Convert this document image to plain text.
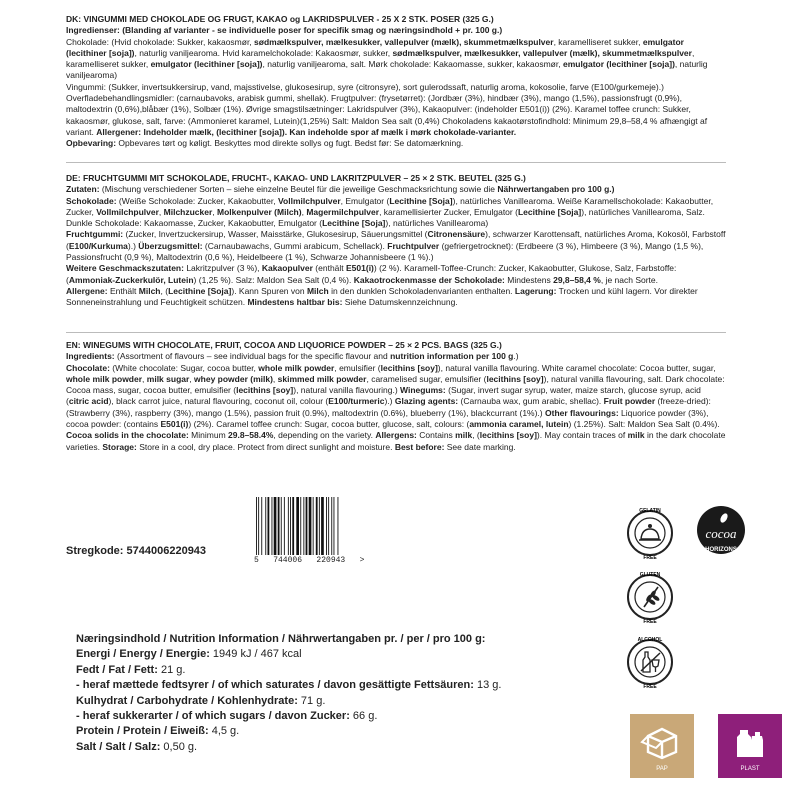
DK: VINGUMMI MED CHOKOLADE OG FRUGT, KAKAO og LAKRIDSPULVER - 25 X 2 STK. POSER (325 G.)

Ingredienser: (Blanding af varianter - se individuelle poser for specifik smag og næringsindhold + pr. 100 g.)

Chokolade: (Hvid chokolade: Sukker, kakaosmør, sødmælkspulver, mælkesukker, vallepulver (mælk), skummetmælkspulver, karamelliseret sukker, emulgator (lecithiner [soja]), naturlig vaniljearoma. Hvid karamelchokolade: Kakaosmør, sukker, sødmælkspulver, mælkesukker, vallepulver (mælk), skummetmælkspulver, karamelliseret sukker, emulgator (lecithiner [soja]), naturlig vaniljearoma, salt. Mørk chokolade: Kakaomasse, sukker, kakaosmør, emulgator (lecithiner [soja]), naturlig vaniljearoma)

Vingummi: (Sukker, invertsukkersirup, vand, majsstivelse, glukosesirup, syre (citronsyre), sort gulerodssaft, naturlig aroma, kokosolie, farve (E100/gurkemeje).) Overfladebehandlingsmidler: (carnaubavoks, arabisk gummi, shellak). Frugtpulver: (frysetørret): (Jordbær (3%), hindbær (3%), mango (1,5%), passionsfrugt (0,9%), maltodextrin (0,6%),blåbær (1%), Solbær (1%). Øvrige smagstilsætninger: Lakridspulver (3%), Kakaopulver: (indeholder E501(i)) (2%). Karamel toffee crunch: Sukker, kakaosmør, glukose, salt, farve: (Ammonieret karamel, Lutein)(1,25%) Salt: Maldon Sea salt (0,4%) Chokoladens kakaotørstofindhold: Minimum 29,8–58,4 % afhængigt af variant. Allergener: Indeholder mælk, (lecithiner [soja]). Kan indeholde spor af mælk i mørk chokolade-varianter.

Opbevaring: Opbevares tørt og køligt. Beskyttes mod direkte sollys og fugt. Bedst før: Se datomærkning.

DE: FRUCHTGUMMI MIT SCHOKOLADE, FRUCHT-, KAKAO- UND LAKRITZPULVER – 25 × 2 STK. BEUTEL (325 G.)

Zutaten: (Mischung verschiedener Sorten – siehe einzelne Beutel für die jeweilige Geschmacksrichtung sowie die Nährwertangaben pro 100 g.)

Schokolade: (Weiße Schokolade: Zucker, Kakaobutter, Vollmilchpulver, Emulgator (Lecithine [Soja]), natürliches Vanillearoma. Weiße Karamellschokolade: Kakaobutter, Zucker, Vollmilchpulver, Milchzucker, Molkenpulver (Milch), Magermilchpulver, karamellisierter Zucker, Emulgator (Lecithine [Soja]), natürliches Vanillearoma, Salz. Dunkle Schokolade: Kakaomasse, Zucker, Kakaobutter, Emulgator (Lecithine [Soja]), natürliches Vanillearoma)

Fruchtgummi: (Zucker, Invertzuckersirup, Wasser, Maisstärke, Glukosesirup, Säuerungsmittel (Citronensäure), schwarzer Karottensaft, natürliches Aroma, Kokosöl, Farbstoff (E100/Kurkuma).) Überzugsmittel: (Carnaubawachs, Gummi arabicum, Schellack). Fruchtpulver (gefriergetrocknet): (Erdbeere (3 %), Himbeere (3 %), Mango (1,5 %), Passionsfrucht (0,9 %), Maltodextrin (0,6 %), Heidelbeere (1 %), Schwarze Johannisbeere (1 %).)

Weitere Geschmackszutaten: Lakritzpulver (3 %), Kakaopulver (enthält E501(i)) (2 %). Karamell-Toffee-Crunch: Zucker, Kakaobutter, Glukose, Salz, Farbstoffe: (Ammoniak-Zuckerkulör, Lutein) (1,25 %). Salz: Maldon Sea Salt (0,4 %). Kakaotrockenmasse der Schokolade: Mindestens 29,8–58,4 %, je nach Sorte.

Allergene: Enthält Milch, (Lecithine [Soja]). Kann Spuren von Milch in den dunklen Schokoladenvarianten enthalten. Lagerung: Trocken und kühl lagern. Vor direkter Sonneneinstrahlung und Feuchtigkeit schützen. Mindestens haltbar bis: Siehe Datumskennzeichnung.

EN: WINEGUMS WITH CHOCOLATE, FRUIT, COCOA AND LIQUORICE POWDER – 25 × 2 PCS. BAGS (325 G.)

Ingredients: (Assortment of flavours – see individual bags for the specific flavour and nutrition information per 100 g.)

Chocolate: (White chocolate: Sugar, cocoa butter, whole milk powder, emulsifier (lecithins [soy]), natural vanilla flavouring. White caramel chocolate: Cocoa butter, sugar, whole milk powder, milk sugar, whey powder (milk), skimmed milk powder, caramelised sugar, emulsifier (lecithins [soy]), natural vanilla flavouring, salt. Dark chocolate: Cocoa mass, sugar, cocoa butter, emulsifier (lecithins [soy]), natural vanilla flavouring.) Winegums: (Sugar, invert sugar syrup, water, maize starch, glucose syrup, acid (citric acid), black carrot juice, natural flavouring, coconut oil, colour (E100/turmeric).) Glazing agents: (Carnauba wax, gum arabic, shellac). Fruit powder (freeze-dried): (Strawberry (3%), raspberry (3%), mango (1.5%), passion fruit (0.9%), maltodextrin (0.6%), blueberry (1%), blackcurrant (1%).) Other flavourings: Liquorice powder (3%), cocoa powder: (contains E501(i)) (2%). Caramel toffee crunch: Sugar, cocoa butter, glucose, salt, colours: (ammonia caramel, lutein) (1.25%). Salt: Maldon Sea Salt (0.4%). Cocoa solids in the chocolate: Minimum 29.8–58.4%, depending on the variety. Allergens: Contains milk, (lecithins [soy]). May contain traces of milk in the dark chocolate varieties. Storage: Store in a cool, dry place. Protect from direct sunlight and moisture. Best before: See date marking.

Stregkode: 5744006220943
5   744006   220943   >
Næringsindhold / Nutrition Information / Nährwertangaben pr. / per / pro 100 g:
Energi / Energy / Energie: 1949 kJ / 467 kcal
Fedt / Fat / Fett: 21 g.
- heraf mættede fedtsyrer / of which saturates / davon gesättigte Fettsäuren: 13 g.
Kulhydrat / Carbohydrate / Kohlenhydrate: 71 g.
- heraf sukkerarter / of which sugars / davon Zucker: 66 g.
Protein / Protein / Eiweiß: 4,5 g.
Salt / Salt / Salz: 0,50 g.
GELATIN
FREE
cocoa
HORIZONS
GLUTEN
FREE
ALCOHOL
FREE
PAP	PLAST
